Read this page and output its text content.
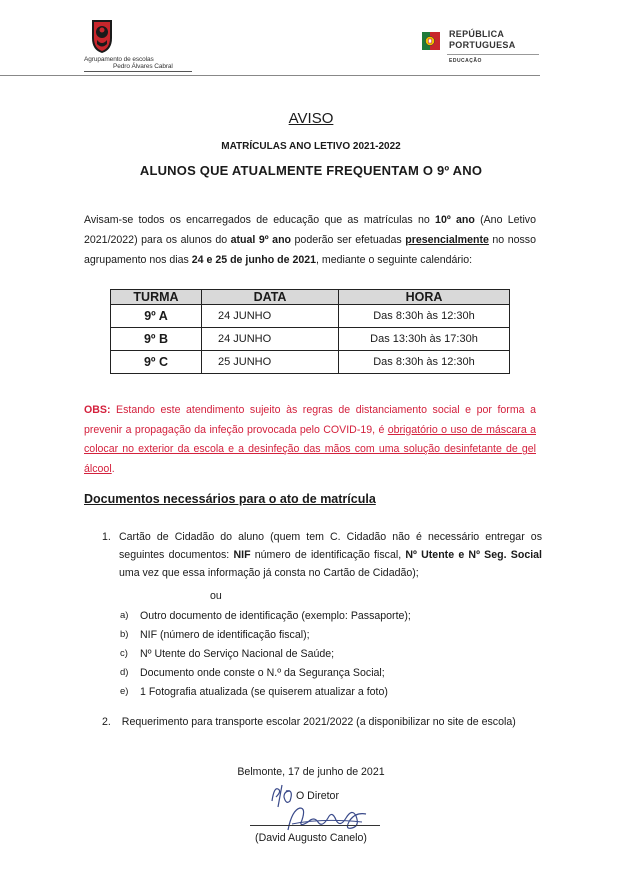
Agrupamento de escolas
Pedro Álvares Cabral
REPÚBLICA
PORTUGUESA
EDUCAÇÃO
AVISO
MATRÍCULAS ANO LETIVO 2021-2022
ALUNOS QUE ATUALMENTE FREQUENTAM O 9º ANO
Avisam-se todos os encarregados de educação que as matrículas no 10º ano (Ano Letivo 2021/2022) para os alunos do atual 9º ano poderão ser efetuadas presencialmente no nosso agrupamento nos dias 24 e 25 de junho de 2021, mediante o seguinte calendário:
TURMA	DATA	HORA
9º A	24 JUNHO	Das 8:30h às 12:30h
9º B	24 JUNHO	Das 13:30h às 17:30h
9º C	25 JUNHO	Das 8:30h às 12:30h
OBS: Estando este atendimento sujeito às regras de distanciamento social e por forma a prevenir a propagação da infeção provocada pelo COVID-19, é obrigatório o uso de máscara a colocar no exterior da escola e a desinfeção das mãos com uma solução desinfetante de gel álcool.
Documentos necessários para o ato de matrícula
1. Cartão de Cidadão do aluno (quem tem C. Cidadão não é necessário entregar os seguintes documentos: NIF número de identificação fiscal, Nº Utente e Nº Seg. Social uma vez que essa informação já consta no Cartão de Cidadão);
ou
a) Outro documento de identificação (exemplo: Passaporte);
b) NIF (número de identificação fiscal);
c) Nº Utente do Serviço Nacional de Saúde;
d) Documento onde conste o N.º da Segurança Social;
e) 1 Fotografia atualizada (se quiserem atualizar a foto)
2. Requerimento para transporte escolar 2021/2022 (a disponibilizar no site de escola)
Belmonte, 17 de junho de 2021
O Diretor
(David Augusto Canelo)
